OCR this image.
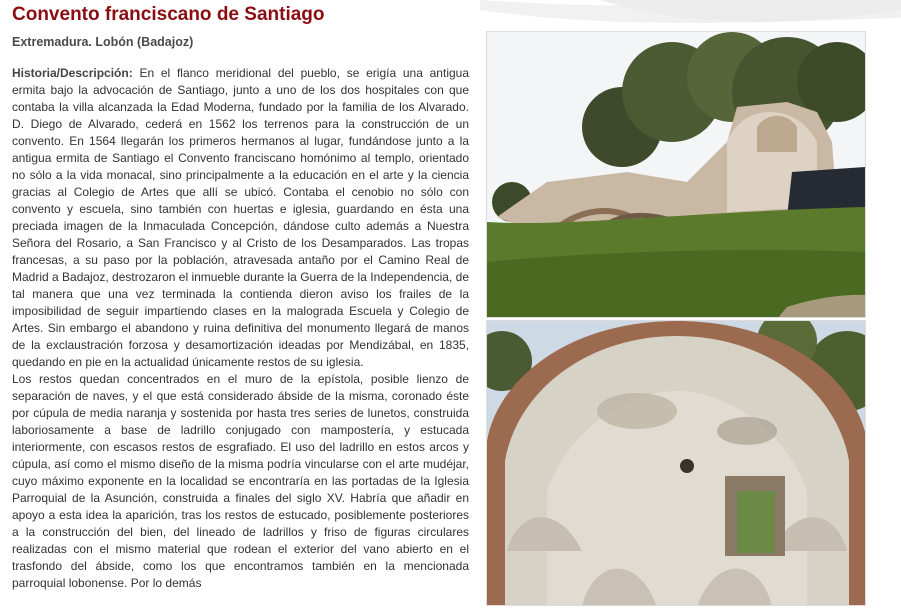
Convento franciscano de Santiago
Extremadura. Lobón (Badajoz)

Historia/Descripción: En el flanco meridional del pueblo, se erigía una antigua ermita bajo la advocación de Santiago, junto a uno de los dos hospitales con que contaba la villa alcanzada la Edad Moderna, fundado por la familia de los Alvarado. D. Diego de Alvarado, cederá en 1562 los terrenos para la construcción de un convento. En 1564 llegarán los primeros hermanos al lugar, fundándose junto a la antigua ermita de Santiago el Convento franciscano homónimo al templo, orientado no sólo a la vida monacal, sino principalmente a la educación en el arte y la ciencia gracias al Colegio de Artes que allí se ubicó. Contaba el cenobio no sólo con convento y escuela, sino también con huertas e iglesia, guardando en ésta una preciada imagen de la Inmaculada Concepción, dándose culto además a Nuestra Señora del Rosario, a San Francisco y al Cristo de los Desamparados. Las tropas francesas, a su paso por la población, atravesada antaño por el Camino Real de Madrid a Badajoz, destrozaron el inmueble durante la Guerra de la Independencia, de tal manera que una vez terminada la contienda dieron aviso los frailes de la imposibilidad de seguir impartiendo clases en la malograda Escuela y Colegio de Artes. Sin embargo el abandono y ruina definitiva del monumento llegará de manos de la exclaustración forzosa y desamortización ideadas por Mendizábal, en 1835, quedando en pie en la actualidad únicamente restos de su iglesia.

Los restos quedan concentrados en el muro de la epístola, posible lienzo de separación de naves, y el que está considerado ábside de la misma, coronado éste por cúpula de media naranja y sostenida por hasta tres series de lunetos, construida laboriosamente a base de ladrillo conjugado con mampostería, y estucada interiormente, con escasos restos de esgrafiado. El uso del ladrillo en estos arcos y cúpula, así como el mismo diseño de la misma podría vincularse con el arte mudéjar, cuyo máximo exponente en la localidad se encontraría en las portadas de la Iglesia Parroquial de la Asunción, construida a finales del siglo XV. Habría que añadir en apoyo a esta idea la aparición, tras los restos de estucado, posiblemente posteriores a la construcción del bien, del lineado de ladrillos y friso de figuras circulares realizadas con el mismo material que rodean el exterior del vano abierto en el trasfondo del ábside, como los que encontramos también en la mencionada parroquial lobonense. Por lo demás
